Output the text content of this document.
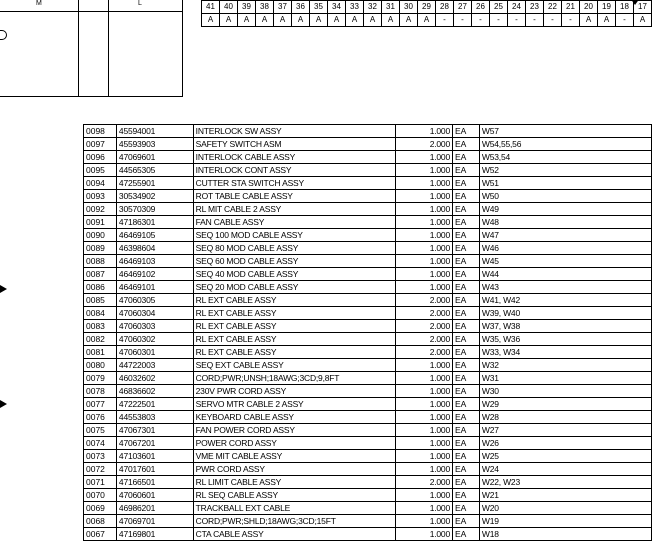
M	L	41	40	39	38	37	36	35	34	33	32	31	30	29	28	27	26	25	24	23	22	21	20	19	18	17
A	A	A	A	A	A	A	A	A	A	A	A	A	-	-	-	-	-	-	-	-	A	A	-	A
0098	45594001	INTERLOCK SW ASSY	1.000	EA	W57
0097	45593903	SAFETY SWITCH ASM	2.000	EA	W54,55,56
0096	47069601	INTERLOCK CABLE ASSY	1.000	EA	W53,54
0095	44565305	INTERLOCK CONT ASSY	1.000	EA	W52
0094	47255901	CUTTER STA SWITCH ASSY	1.000	EA	W51
0093	30534902	ROT TABLE CABLE ASSY	1.000	EA	W50
0092	30570309	RL MIT CABLE 2 ASSY	1.000	EA	W49
0091	47186301	FAN CABLE ASSY	1.000	EA	W48
0090	46469105	SEQ 100 MOD CABLE ASSY	1.000	EA	W47
0089	46398604	SEQ 80 MOD CABLE ASSY	1.000	EA	W46
0088	46469103	SEQ 60 MOD CABLE ASSY	1.000	EA	W45
0087	46469102	SEQ 40 MOD CABLE ASSY	1.000	EA	W44
0086	46469101	SEQ 20 MOD CABLE ASSY	1.000	EA	W43
0085	47060305	RL EXT CABLE ASSY	2.000	EA	W41, W42
0084	47060304	RL EXT CABLE ASSY	2.000	EA	W39, W40
0083	47060303	RL EXT CABLE ASSY	2.000	EA	W37, W38
0082	47060302	RL EXT CABLE ASSY	2.000	EA	W35, W36
0081	47060301	RL EXT CABLE ASSY	2.000	EA	W33, W34
0080	44722003	SEQ EXT CABLE ASSY	1.000	EA	W32
0079	46032602	CORD;PWR;UNSH;18AWG;3CD;9,8FT	1.000	EA	W31
0078	46836602	230V PWR CORD ASSY	1.000	EA	W30
0077	47222501	SERVO MTR CABLE 2 ASSY	1.000	EA	W29
0076	44553803	KEYBOARD CABLE ASSY	1.000	EA	W28
0075	47067301	FAN POWER CORD ASSY	1.000	EA	W27
0074	47067201	POWER CORD ASSY	1.000	EA	W26
0073	47103601	VME MIT CABLE ASSY	1.000	EA	W25
0072	47017601	PWR CORD ASSY	1.000	EA	W24
0071	47166501	RL LIMIT CABLE ASSY	2.000	EA	W22, W23
0070	47060601	RL SEQ CABLE ASSY	1.000	EA	W21
0069	46986201	TRACKBALL EXT CABLE	1.000	EA	W20
0068	47069701	CORD;PWR;SHLD;18AWG;3CD;15FT	1.000	EA	W19
0067	47169801	CTA CABLE ASSY	1.000	EA	W18
